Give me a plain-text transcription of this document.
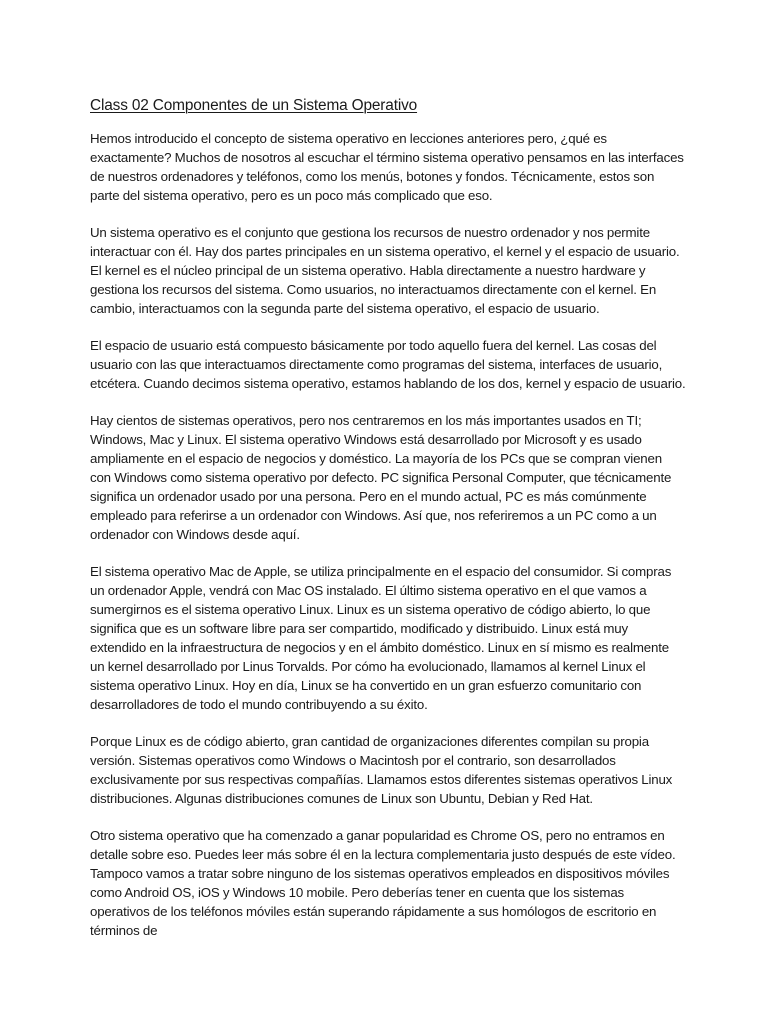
Class 02 Componentes de un Sistema Operativo

Hemos introducido el concepto de sistema operativo en lecciones anteriores pero, ¿qué es exactamente? Muchos de nosotros al escuchar el término sistema operativo pensamos en las interfaces de nuestros ordenadores y teléfonos, como los menús, botones y fondos. Técnicamente, estos son parte del sistema operativo, pero es un poco más complicado que eso.

Un sistema operativo es el conjunto que gestiona los recursos de nuestro ordenador y nos permite interactuar con él. Hay dos partes principales en un sistema operativo, el kernel y el espacio de usuario. El kernel es el núcleo principal de un sistema operativo. Habla directamente a nuestro hardware y gestiona los recursos del sistema. Como usuarios, no interactuamos directamente con el kernel. En cambio, interactuamos con la segunda parte del sistema operativo, el espacio de usuario.

El espacio de usuario está compuesto básicamente por todo aquello fuera del kernel. Las cosas del usuario con las que interactuamos directamente como programas del sistema, interfaces de usuario, etcétera. Cuando decimos sistema operativo, estamos hablando de los dos, kernel y espacio de usuario.

Hay cientos de sistemas operativos, pero nos centraremos en los más importantes usados en TI; Windows, Mac y Linux. El sistema operativo Windows está desarrollado por Microsoft y es usado ampliamente en el espacio de negocios y doméstico. La mayoría de los PCs que se compran vienen con Windows como sistema operativo por defecto. PC significa Personal Computer, que técnicamente significa un ordenador usado por una persona. Pero en el mundo actual, PC es más comúnmente empleado para referirse a un ordenador con Windows. Así que, nos referiremos a un PC como a un ordenador con Windows desde aquí.

El sistema operativo Mac de Apple, se utiliza principalmente en el espacio del consumidor. Si compras un ordenador Apple, vendrá con Mac OS instalado. El último sistema operativo en el que vamos a sumergirnos es el sistema operativo Linux. Linux es un sistema operativo de código abierto, lo que significa que es un software libre para ser compartido, modificado y distribuido. Linux está muy extendido en la infraestructura de negocios y en el ámbito doméstico. Linux en sí mismo es realmente un kernel desarrollado por Linus Torvalds. Por cómo ha evolucionado, llamamos al kernel Linux el sistema operativo Linux. Hoy en día, Linux se ha convertido en un gran esfuerzo comunitario con desarrolladores de todo el mundo contribuyendo a su éxito.

Porque Linux es de código abierto, gran cantidad de organizaciones diferentes compilan su propia versión. Sistemas operativos como Windows o Macintosh por el contrario, son desarrollados exclusivamente por sus respectivas compañías. Llamamos estos diferentes sistemas operativos Linux distribuciones. Algunas distribuciones comunes de Linux son Ubuntu, Debian y Red Hat.

Otro sistema operativo que ha comenzado a ganar popularidad es Chrome OS, pero no entramos en detalle sobre eso. Puedes leer más sobre él en la lectura complementaria justo después de este vídeo. Tampoco vamos a tratar sobre ninguno de los sistemas operativos empleados en dispositivos móviles como Android OS, iOS y Windows 10 mobile. Pero deberías tener en cuenta que los sistemas operativos de los teléfonos móviles están superando rápidamente a sus homólogos de escritorio en términos de
